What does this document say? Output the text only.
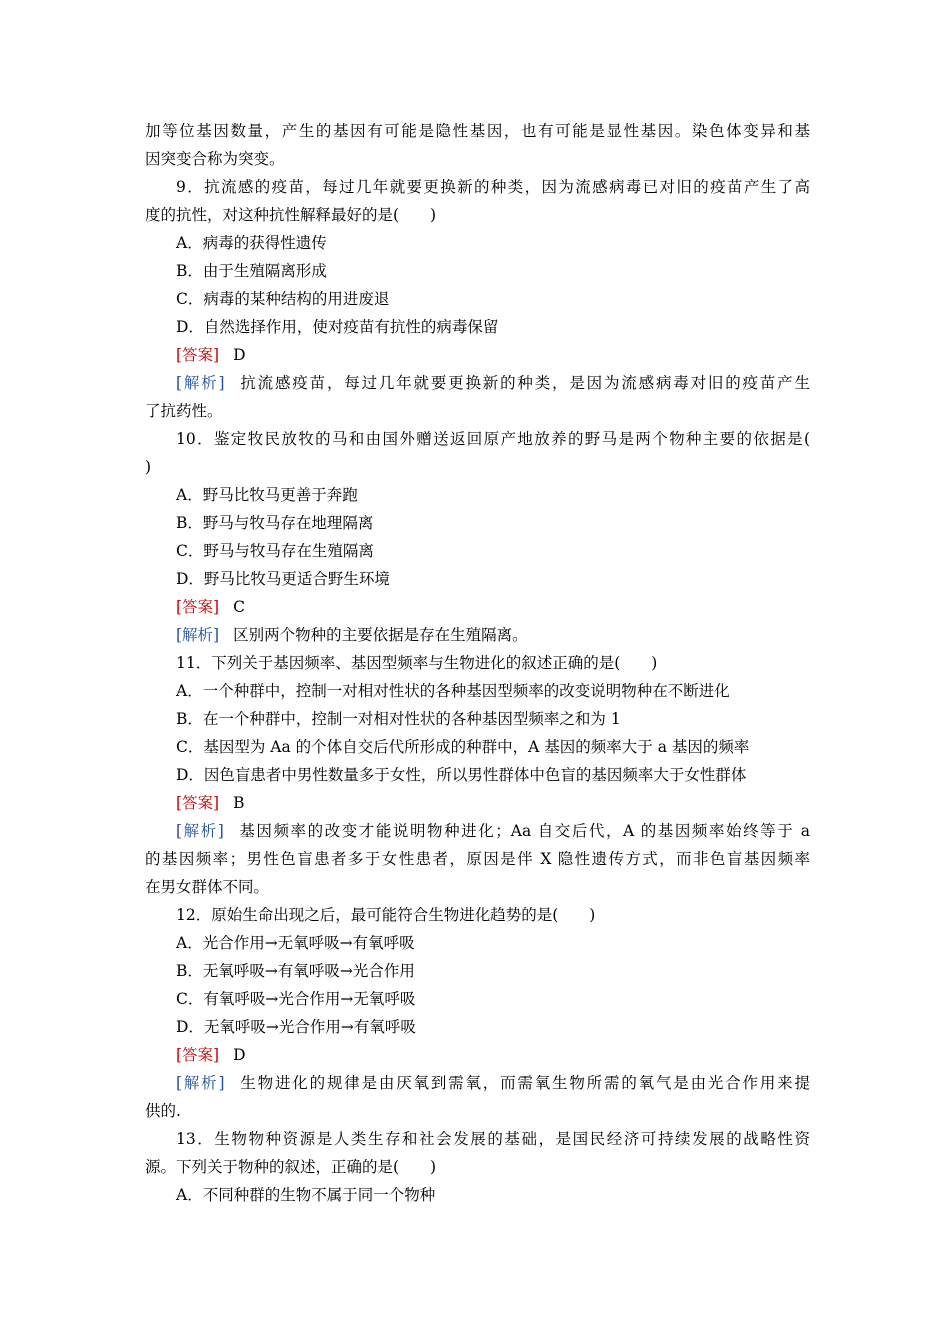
加等位基因数量，产生的基因有可能是隐性基因，也有可能是显性基因。染色体变异和基
因突变合称为突变。
9．抗流感的疫苗，每过几年就要更换新的种类，因为流感病毒已对旧的疫苗产生了高
度的抗性，对这种抗性解释最好的是(　　)
A．病毒的获得性遗传
B．由于生殖隔离形成
C．病毒的某种结构的用进废退
D．自然选择作用，使对疫苗有抗性的病毒保留
[答案] D
[解析] 抗流感疫苗，每过几年就要更换新的种类，是因为流感病毒对旧的疫苗产生
了抗药性。
10．鉴定牧民放牧的马和由国外赠送返回原产地放养的野马是两个物种主要的依据是(
)
A．野马比牧马更善于奔跑
B．野马与牧马存在地理隔离
C．野马与牧马存在生殖隔离
D．野马比牧马更适合野生环境
[答案] C
[解析] 区别两个物种的主要依据是存在生殖隔离。
11．下列关于基因频率、基因型频率与生物进化的叙述正确的是(　　)
A．一个种群中，控制一对相对性状的各种基因型频率的改变说明物种在不断进化
B．在一个种群中，控制一对相对性状的各种基因型频率之和为 1
C．基因型为 Aa 的个体自交后代所形成的种群中，A 基因的频率大于 a 基因的频率
D．因色盲患者中男性数量多于女性，所以男性群体中色盲的基因频率大于女性群体
[答案] B
[解析] 基因频率的改变才能说明物种进化；Aa 自交后代，A 的基因频率始终等于 a
的基因频率；男性色盲患者多于女性患者，原因是伴 X 隐性遗传方式，而非色盲基因频率
在男女群体不同。
12．原始生命出现之后，最可能符合生物进化趋势的是(　　)
A．光合作用→无氧呼吸→有氧呼吸
B．无氧呼吸→有氧呼吸→光合作用
C．有氧呼吸→光合作用→无氧呼吸
D．无氧呼吸→光合作用→有氧呼吸
[答案] D
[解析] 生物进化的规律是由厌氧到需氧，而需氧生物所需的氧气是由光合作用来提
供的.
13．生物物种资源是人类生存和社会发展的基础，是国民经济可持续发展的战略性资
源。下列关于物种的叙述，正确的是(　　)
A．不同种群的生物不属于同一个物种
